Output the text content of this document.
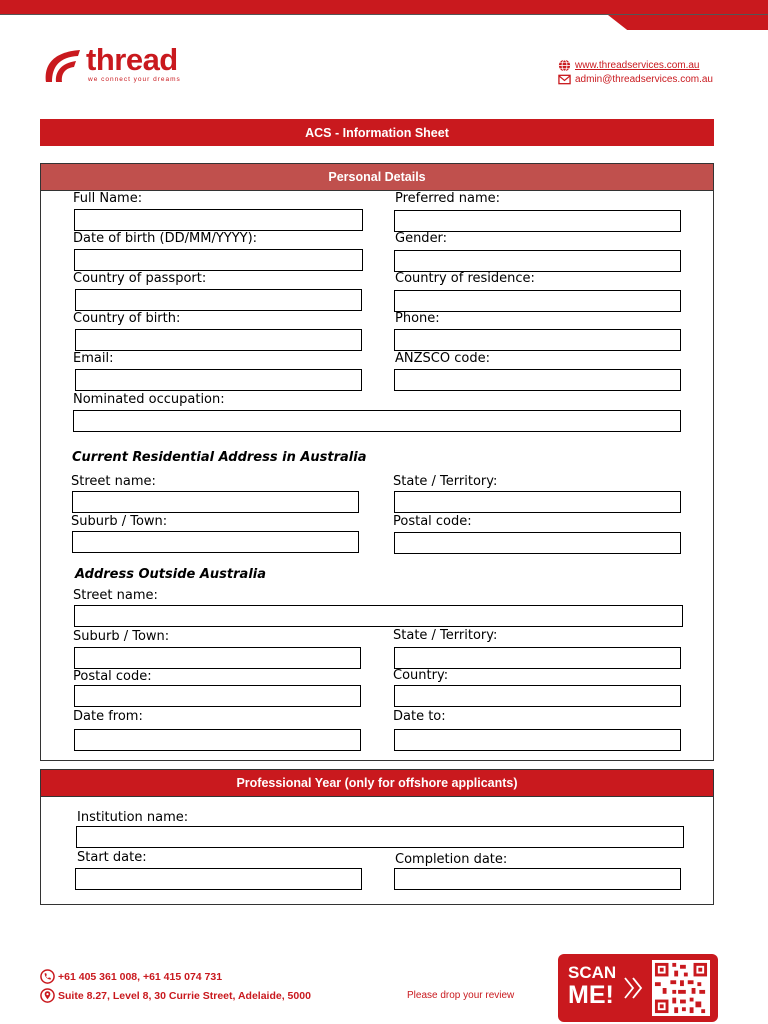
thread
we connect your dreams
www.threadservices.com.au
admin@threadservices.com.au
ACS - Information Sheet
Personal Details
Full Name:	Preferred name:
Date of birth (DD/MM/YYYY):	Gender:
Country of passport:	Country of residence:
Country of birth:	Phone:
Email:	ANZSCO code:
Nominated occupation:
Current Residential Address in Australia
Street name:	State / Territory:
Suburb / Town:	Postal code:
Address Outside Australia
Street name:
Suburb / Town:	State / Territory:
Postal code:	Country:
Date from:	Date to:
Professional Year (only for offshore applicants)
Institution name:
Start date:	Completion date:
+61 405 361 008, +61 415 074 731
Suite 8.27, Level 8, 30 Currie Street, Adelaide, 5000	Please drop your review
SCAN
ME!
